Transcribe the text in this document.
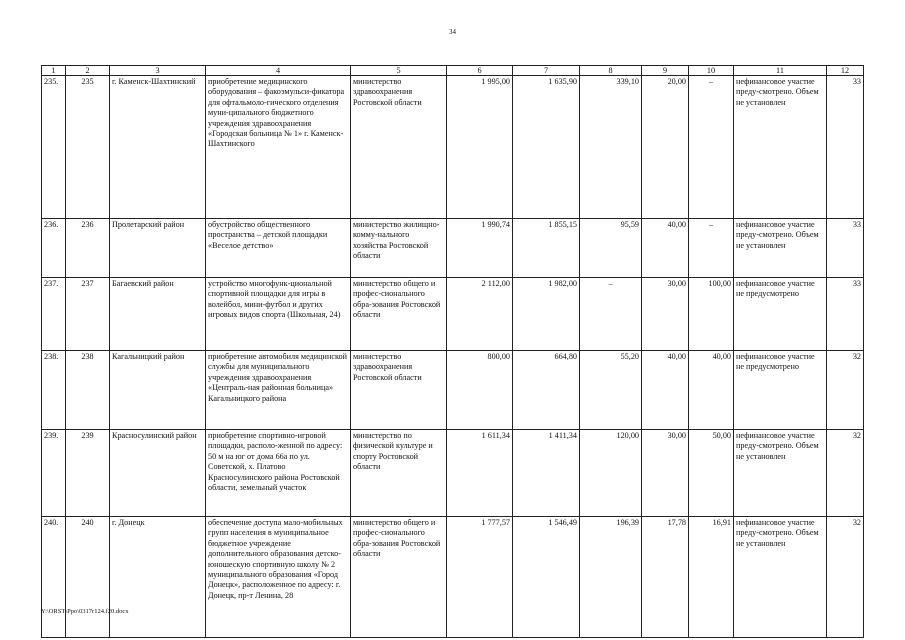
34
1	2	3	4	5	6	7	8	9	10	11	12
235.	235	г. Каменск-Шахтинский	приобретение медицинского оборудования – факоэмульси-фикатора для офтальмоло-гического отделения муни-ципального бюджетного учреждения здравоохранения «Городская больница № 1» г. Каменск-Шахтинского	министерство здравоохранения Ростовской области	1 995,00	1 635,90	339,10	20,00	–	нефинансовое участие преду-смотрено. Объем не установлен	33
236.	236	Пролетарский район	обустройство общественного пространства – детской площадки «Веселое детство»	министерство жилищно-комму-нального хозяйства Ростовской области	1 990,74	1 855,15	95,59	40,00	–	нефинансовое участие преду-смотрено. Объем не установлен	33
237.	237	Багаевский район	устройство многофунк-циональной спортивной площадки для игры в волейбол, мини-футбол и других игровых видов спорта (Школьная, 24)	министерство общего и профес-сионального обра-зования Ростовской области	2 112,00	1 982,00	–	30,00	100,00	нефинансовое участие не предусмотрено	33
238.	238	Кагальницкий район	приобретение автомобиля медицинской службы для муниципального учреждения здравоохранения «Централь-ная районная больница» Кагальницкого района	министерство здравоохранения Ростовской области	800,00	664,80	55,20	40,00	40,00	нефинансовое участие не предусмотрено	32
239.	239	Красносулинский район	приобретение спортивно-игровой площадки, располо-женной по адресу: 50 м на юг от дома 66а по ул. Советской, х. Платово Красносулинского района Ростовской области, земельный участок	министерство по физической культуре и спорту Ростовской области	1 611,34	1 411,34	120,00	30,00	50,00	нефинансовое участие преду-смотрено. Объем не установлен	32
240.	240	г. Донецк	обеспечение доступа мало-мобильных групп населения в муниципальное бюджетное учреждение дополнительного образования детско-юношескую спортивную школу № 2 муниципального образования «Город Донецк», расположенное по адресу: г. Донецк, пр-т Ленина, 28	министерство общего и профес-сионального обра-зования Ростовской области	1 777,57	1 546,49	196,39	17,78	16,91	нефинансовое участие преду-смотрено. Объем не установлен	32
Y:\ORST\Ppo\0317r124.f20.docx
